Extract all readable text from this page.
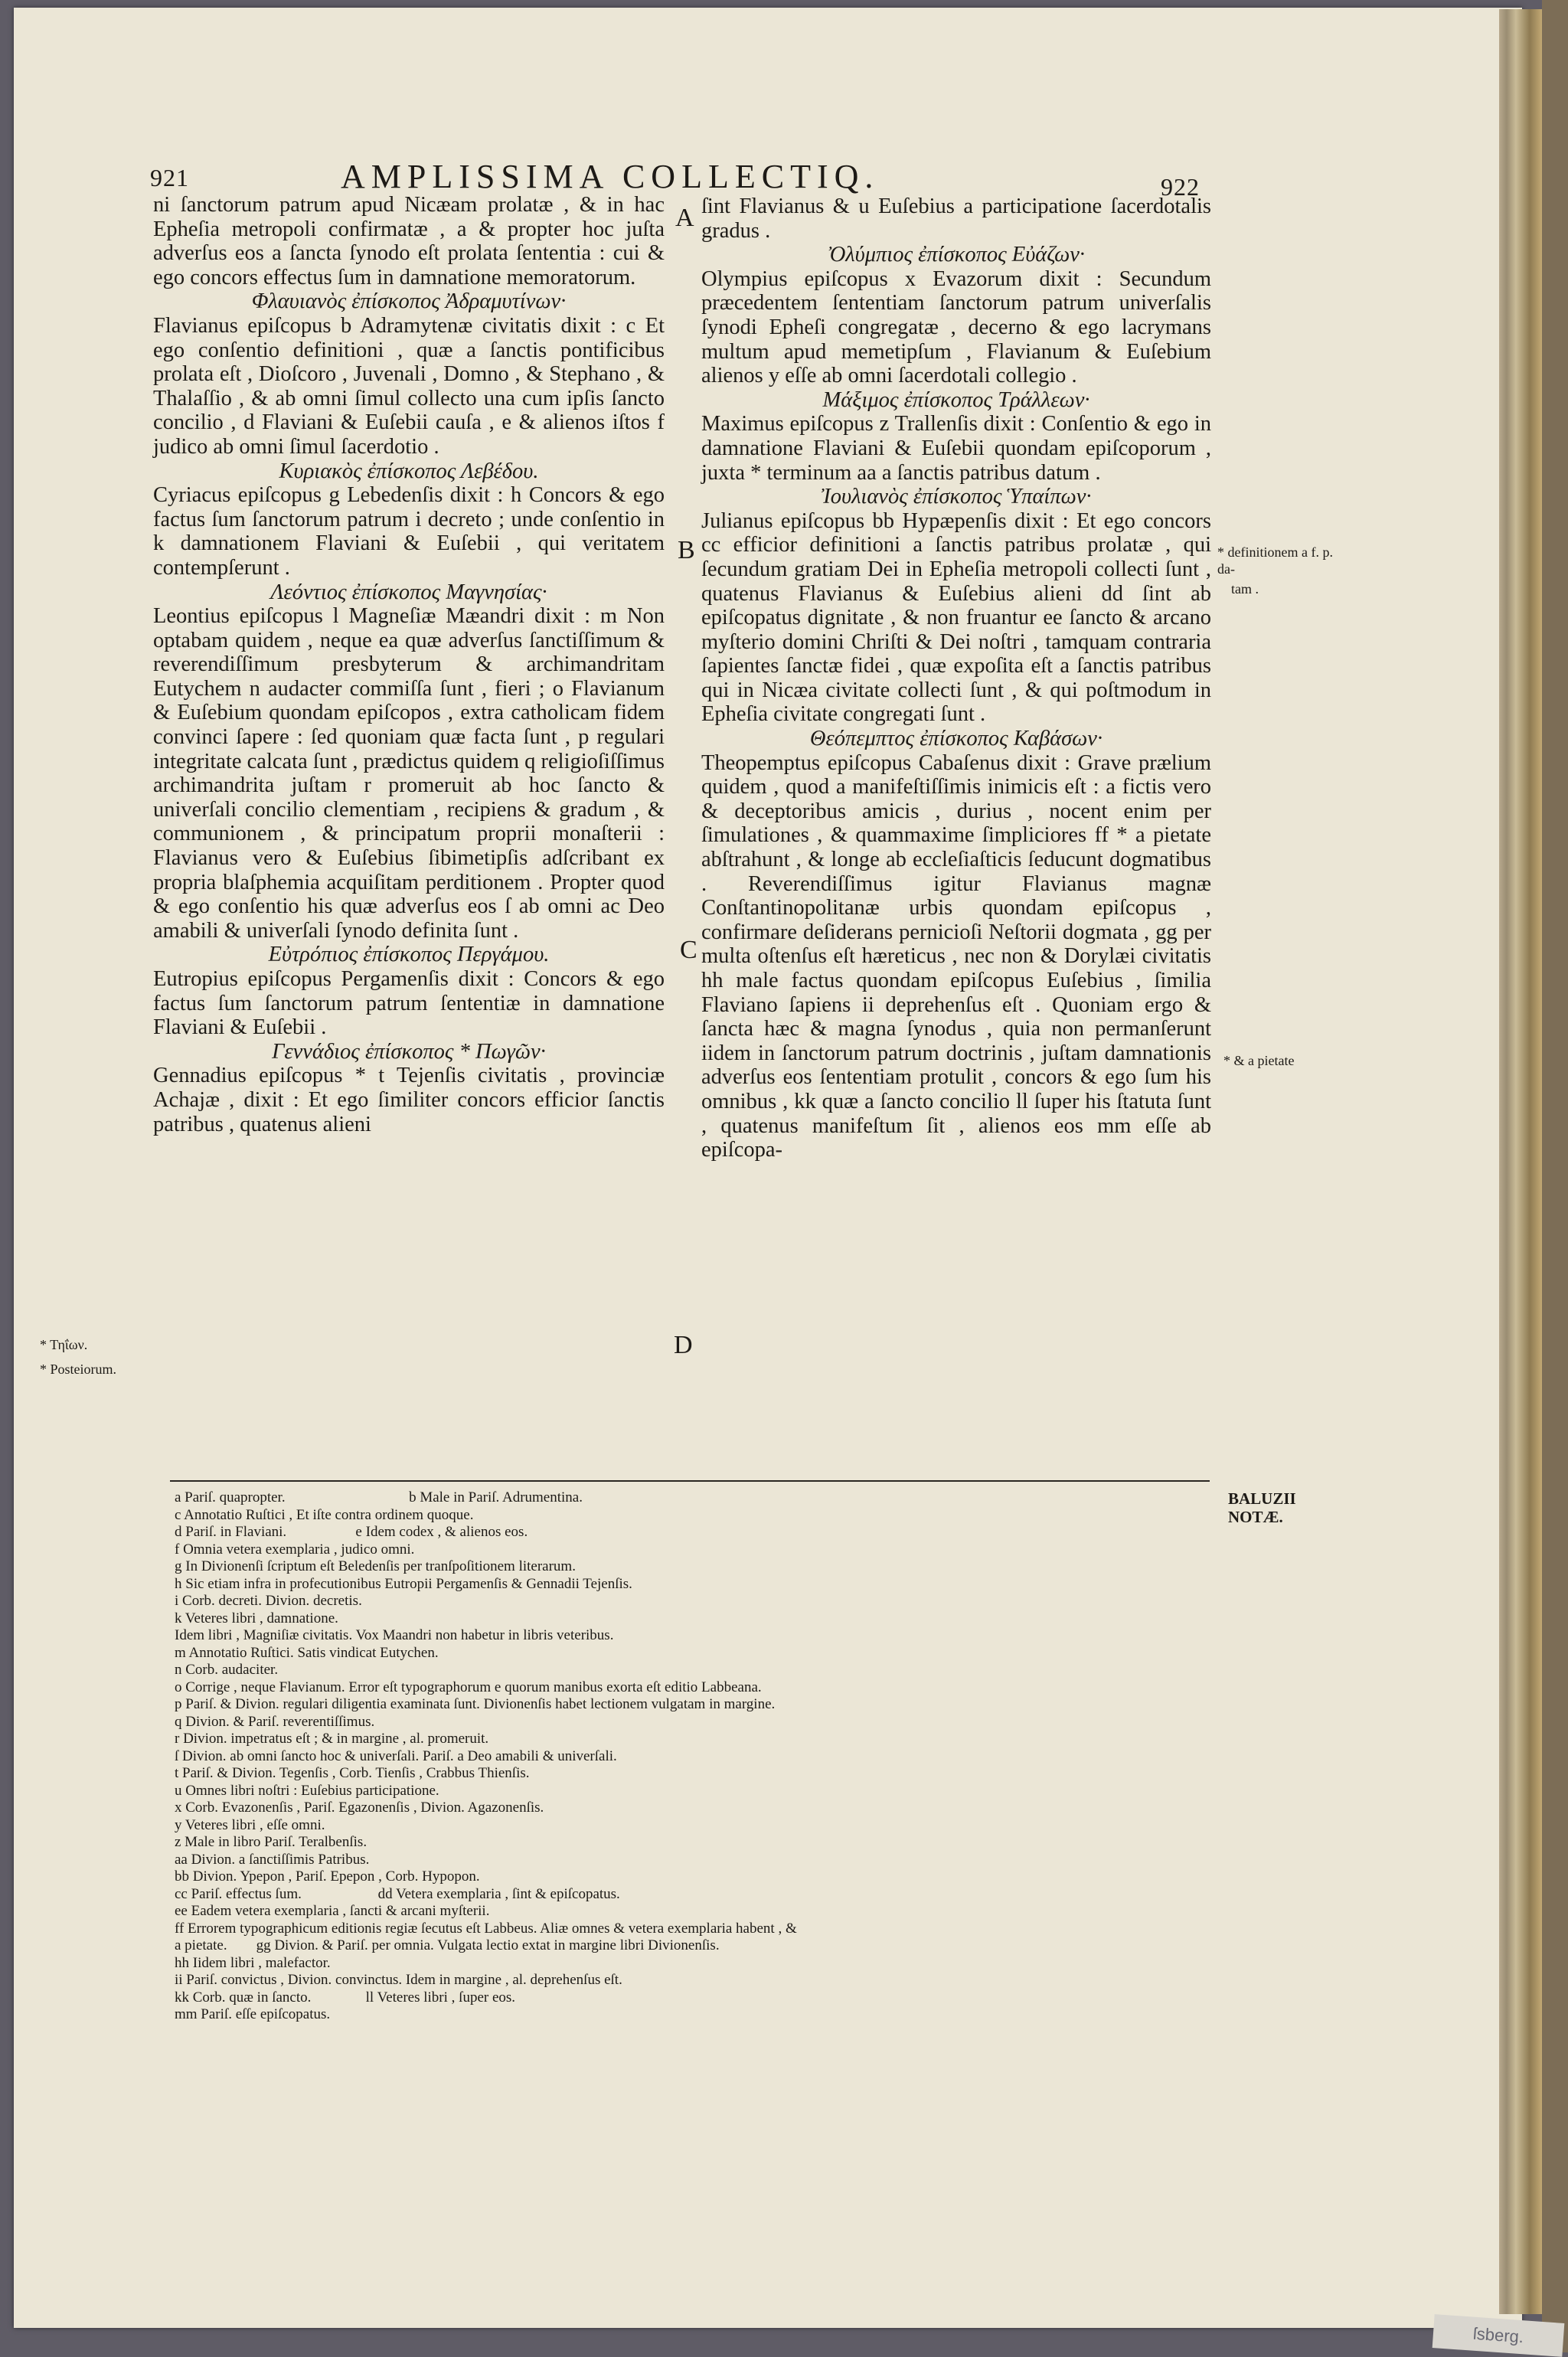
921	AMPLISSIMA COLLECTIQ.	922

ni ſanctorum patrum apud Nicæam prolatæ , & in hac Epheſia metropoli confirmatæ , a & propter hoc juſta adverſus eos a ſancta ſynodo eſt prolata ſententia : cui & ego concors effectus ſum in damnatione memoratorum.

Φλαυιανὸς ἐπίσκοπος Ἀδραμυτίνων·

Flavianus epiſcopus b Adramytenæ civitatis dixit : c Et ego conſentio definitioni , quæ a ſanctis pontificibus prolata eſt , Dioſcoro , Juvenali , Domno , & Stephano , & Thalaſſio , & ab omni ſimul collecto una cum ipſis ſancto concilio , d Flaviani & Euſebii cauſa , e & alienos iſtos f judico ab omni ſimul ſacerdotio .

Κυριακὸς ἐπίσκοπος Λεβέδου.

Cyriacus epiſcopus g Lebedenſis dixit : h Concors & ego factus ſum ſanctorum patrum i decreto ; unde conſentio in k damnationem Flaviani & Euſebii , qui veritatem contempſerunt .

Λεόντιος ἐπίσκοπος Μαγνησίας·

Leontius epiſcopus l Magneſiæ Mæandri dixit : m Non optabam quidem , neque ea quæ adverſus ſanctiſſimum & reverendiſſimum presbyterum & archimandritam Eutychem n audacter commiſſa ſunt , fieri ; o Flavianum & Euſebium quondam epiſcopos , extra catholicam fidem convinci ſapere : ſed quoniam quæ facta ſunt , p regulari integritate calcata ſunt , prædictus quidem q religioſiſſimus archimandrita juſtam r promeruit ab hoc ſancto & univerſali concilio clementiam , recipiens & gradum , & communionem , & principatum proprii monaſterii : Flavianus vero & Euſebius ſibimetipſis adſcribant ex propria blaſphemia acquiſitam perditionem . Propter quod & ego conſentio his quæ adverſus eos ſ ab omni ac Deo amabili & univerſali ſynodo definita ſunt .

Εὐτρόπιος ἐπίσκοπος Περγάμου.

Eutropius epiſcopus Pergamenſis dixit : Concors & ego factus ſum ſanctorum patrum ſententiæ in damnatione Flaviani & Euſebii .

Γεννάδιος ἐπίσκοπος * Πωγῶν·

Gennadius epiſcopus * t Tejenſis civitatis , provinciæ Achajæ , dixit : Et ego ſimiliter concors efficior ſanctis patribus , quatenus alieni

ſint Flavianus & u Euſebius a participatione ſacerdotalis gradus .

Ὀλύμπιος ἐπίσκοπος Εὐάζων·

Olympius epiſcopus x Evazorum dixit : Secundum præcedentem ſententiam ſanctorum patrum univerſalis ſynodi Epheſi congregatæ , decerno & ego lacrymans multum apud memetipſum , Flavianum & Euſebium alienos y eſſe ab omni ſacerdotali collegio .

Μάξιμος ἐπίσκοπος Τράλλεων·

Maximus epiſcopus z Trallenſis dixit : Conſentio & ego in damnatione Flaviani & Euſebii quondam epiſcoporum , juxta * terminum aa a ſanctis patribus datum .

Ἰουλιανὸς ἐπίσκοπος Ὑπαίπων·

Julianus epiſcopus bb Hypæpenſis dixit : Et ego concors cc efficior definitioni a ſanctis patribus prolatæ , qui ſecundum gratiam Dei in Epheſia metropoli collecti ſunt , quatenus Flavianus & Euſebius alieni dd ſint ab epiſcopatus dignitate , & non fruantur ee ſancto & arcano myſterio domini Chriſti & Dei noſtri , tamquam contraria ſapientes ſanctæ fidei , quæ expoſita eſt a ſanctis patribus qui in Nicæa civitate collecti ſunt , & qui poſtmodum in Epheſia civitate congregati ſunt .

Θεόπεμπτος ἐπίσκοπος Καβάσων·

Theopemptus epiſcopus Cabaſenus dixit : Grave prælium quidem , quod a manifeſtiſſimis inimicis eſt : a fictis vero & deceptoribus amicis , durius , nocent enim per ſimulationes , & quammaxime ſimpliciores ff * a pietate abſtrahunt , & longe ab eccleſiaſticis ſeducunt dogmatibus . Reverendiſſimus igitur Flavianus magnæ Conſtantinopolitanæ urbis quondam epiſcopus , confirmare deſiderans pernicioſi Neſtorii dogmata , gg per multa oſtenſus eſt hæreticus , nec non & Dorylæi civitatis hh male factus quondam epiſcopus Euſebius , ſimilia Flaviano ſapiens ii deprehenſus eſt . Quoniam ergo & ſancta hæc & magna ſynodus , quia non permanſerunt iidem in ſanctorum patrum doctrinis , juſtam damnationis adverſus eos ſententiam protulit , concors & ego ſum his omnibus , kk quæ a ſancto concilio ll ſuper his ſtatuta ſunt , quatenus manifeſtum ſit , alienos eos mm eſſe ab epiſcopa-

A
B
C
D
* Τηΐων.
* Posteiorum.
* definitionem a f. p. da-
tam .
* & a pietate
BALUZII NOTÆ.

a Pariſ. quapropter.                                  b Male in Pariſ. Adrumentina.

c Annotatio Ruſtici , Et iſte contra ordinem quoque.

d Pariſ. in Flaviani.                   e Idem codex , & alienos eos.

f Omnia vetera exemplaria , judico omni.

g In Divionenſi ſcriptum eſt Beledenſis per tranſpoſitionem literarum.

h Sic etiam infra in profecutionibus Eutropii Pergamenſis & Gennadii Tejenſis.

i Corb. decreti. Divion. decretis.

k Veteres libri , damnatione.

Idem libri , Magniſiæ civitatis. Vox Maandri non habetur in libris veteribus.

m Annotatio Ruſtici. Satis vindicat Eutychen.

n Corb. audaciter.

o Corrige , neque Flavianum. Error eſt typographorum e quorum manibus exorta eſt editio Labbeana.

p Pariſ. & Divion. regulari diligentia examinata ſunt. Divionenſis habet lectionem vulgatam in margine.

q Divion. & Pariſ. reverentiſſimus.

r Divion. impetratus eſt ; & in margine , al. promeruit.

ſ Divion. ab omni ſancto hoc & univerſali. Pariſ. a Deo amabili & univerſali.

t Pariſ. & Divion. Tegenſis , Corb. Tienſis , Crabbus Thienſis.

u Omnes libri noſtri : Euſebius participatione.

x Corb. Evazonenſis , Pariſ. Egazonenſis , Divion. Agazonenſis.

y Veteres libri , eſſe omni.

z Male in libro Pariſ. Teralbenſis.

aa Divion. a ſanctiſſimis Patribus.

bb Divion. Ypepon , Pariſ. Epepon , Corb. Hypopon.

cc Pariſ. effectus ſum.                     dd Vetera exemplaria , ſint & epiſcopatus.

ee Eadem vetera exemplaria , ſancti & arcani myſterii.

ff Errorem typographicum editionis regiæ ſecutus eſt Labbeus. Aliæ omnes & vetera exemplaria habent , &

a pietate.        gg Divion. & Pariſ. per omnia. Vulgata lectio extat in margine libri Divionenſis.

hh Iidem libri , malefactor.

ii Pariſ. convictus , Divion. convinctus. Idem in margine , al. deprehenſus eſt.

kk Corb. quæ in ſancto.               ll Veteres libri , ſuper eos.

mm Pariſ. eſſe epiſcopatus.

ſsberg.
